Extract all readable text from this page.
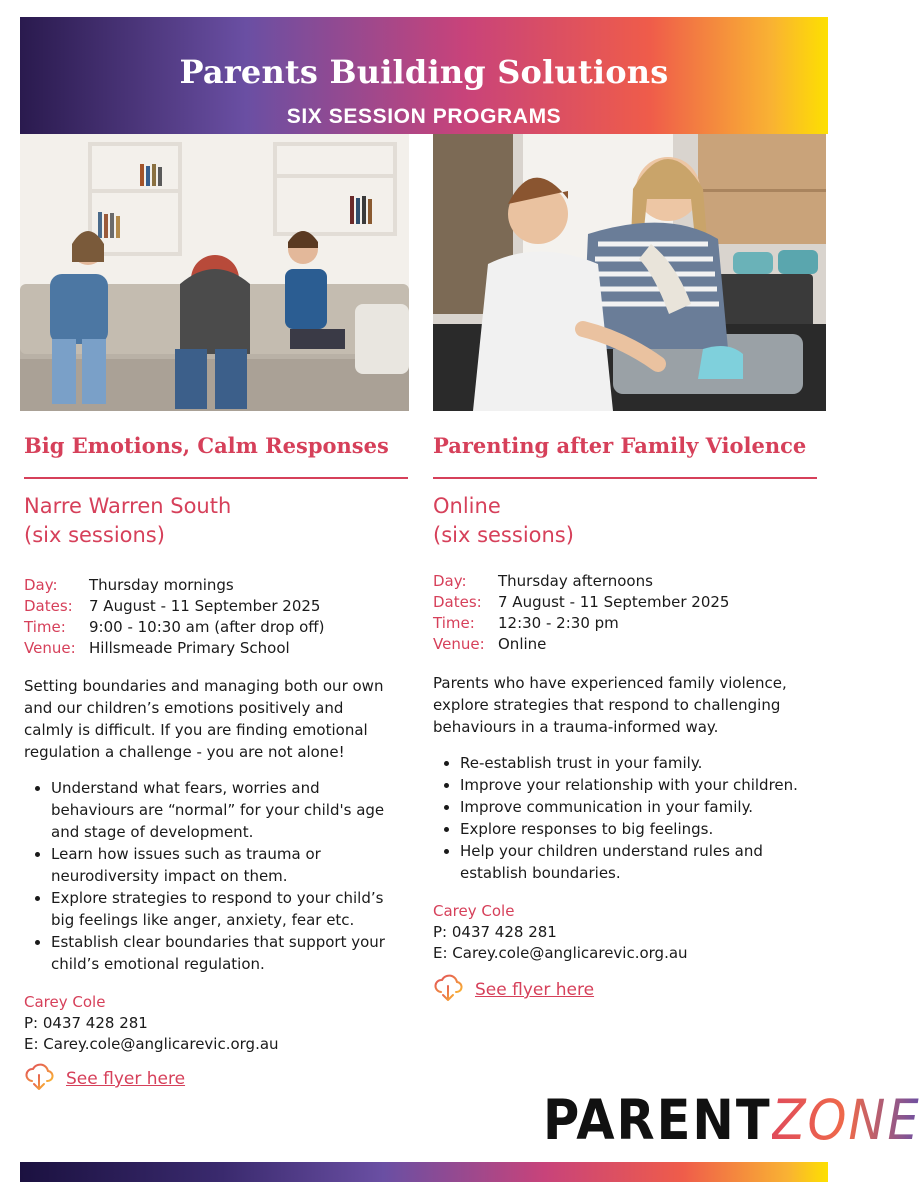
Parents Building Solutions
SIX SESSION PROGRAMS
Big Emotions, Calm Responses
Narre Warren South
(six sessions)
Day:	Thursday mornings
Dates:	7 August - 11 September 2025
Time:	9:00 - 10:30 am (after drop off)
Venue: Hillsmeade Primary School
Setting boundaries and managing both our own and our children’s emotions positively and calmly is difficult. If you are finding emotional regulation a challenge - you are not alone!
• Understand what fears, worries and behaviours are “normal” for your child's age and stage of development.
• Learn how issues such as trauma or neurodiversity impact on them.
• Explore strategies to respond to your child’s big feelings like anger, anxiety, fear etc.
• Establish clear boundaries that support your child’s emotional regulation.
Carey Cole
P: 0437 428 281
E: Carey.cole@anglicarevic.org.au
See flyer here
Parenting after Family Violence
Online
(six sessions)
Day:	Thursday afternoons
Dates:	7 August - 11 September 2025
Time:	12:30 - 2:30 pm
Venue: Online
Parents who have experienced family violence, explore strategies that respond to challenging behaviours in a trauma-informed way.
• Re-establish trust in your family.
• Improve your relationship with your children.
• Improve communication in your family.
• Explore responses to big feelings.
• Help your children understand rules and establish boundaries.
Carey Cole
P: 0437 428 281
E: Carey.cole@anglicarevic.org.au
See flyer here
PARENTZONE
